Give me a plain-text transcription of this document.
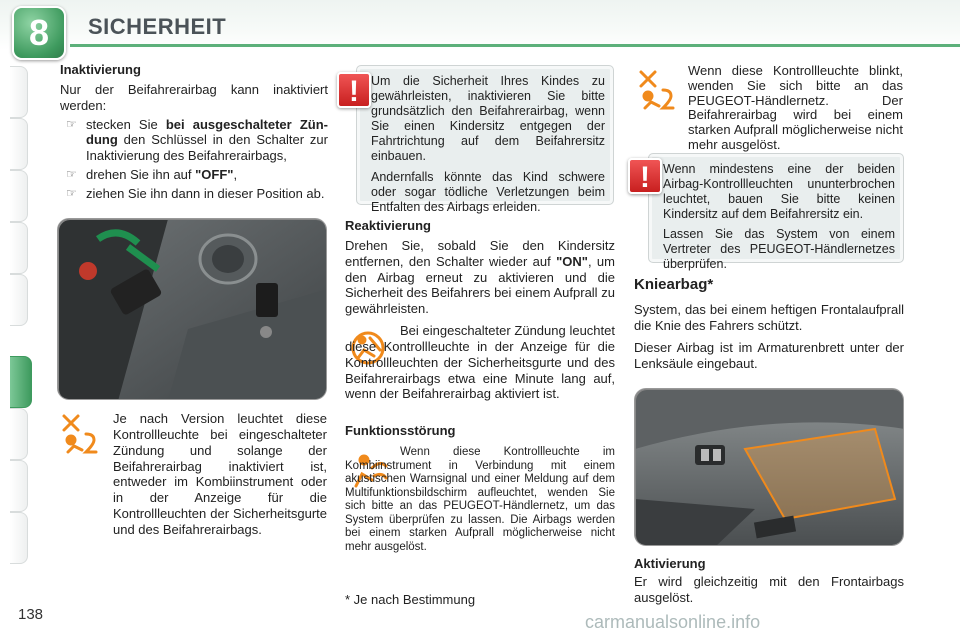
8	SICHERHEIT
138
Inaktivierung
Nur der Beifahrerairbag kann inaktiviert werden:
☞ stecken Sie bei ausgeschalteter Zündung den Schlüssel in den Schalter zur Inaktivierung des Beifahrerairbags,
☞ drehen Sie ihn auf "OFF",
☞ ziehen Sie ihn dann in dieser Position ab.
Je nach Version leuchtet diese Kontrollleuchte bei eingeschalteter Zündung und solange der Beifahrerairbag inaktiviert ist, entweder im Kombiinstrument oder in der Anzeige für die Kontrollleuchten der Sicherheitsgurte und des Beifahrerairbags.
Um die Sicherheit Ihres Kindes zu gewährleisten, inaktivieren Sie bitte grundsätzlich den Beifahrerairbag, wenn Sie einen Kindersitz entgegen der Fahrtrichtung auf dem Beifahrersitz einbauen.
Andernfalls könnte das Kind schwere oder sogar tödliche Verletzungen beim Entfalten des Airbags erleiden.
!
Reaktivierung
Drehen Sie, sobald Sie den Kindersitz entfernen, den Schalter wieder auf "ON", um den Airbag erneut zu aktivieren und die Sicherheit des Beifahrers bei einem Aufprall zu gewährleisten.
Bei eingeschalteter Zündung leuchtet diese Kontrollleuchte in der Anzeige für die Kontrollleuchten der Sicherheitsgurte und des Beifahrerairbags etwa eine Minute lang auf, wenn der Beifahrerairbag aktiviert ist.
Funktionsstörung
Wenn diese Kontrollleuchte im Kombiinstrument in Verbindung mit einem akustischen Warnsignal und einer Meldung auf dem Multifunktionsbildschirm aufleuchtet, wenden Sie sich bitte an das PEUGEOT-Händlernetz, um das System überprüfen zu lassen. Die Airbags werden bei einem starken Aufprall möglicherweise nicht mehr ausgelöst.
* Je nach Bestimmung
Wenn diese Kontrollleuchte blinkt, wenden Sie sich bitte an das PEUGEOT-Händlernetz. Der Beifahrerairbag wird bei einem starken Aufprall möglicherweise nicht mehr ausgelöst.
Wenn mindestens eine der beiden Airbag-Kontrollleuchten ununterbrochen leuchtet, bauen Sie bitte keinen Kindersitz auf dem Beifahrersitz ein.
Lassen Sie das System von einem Vertreter des PEUGEOT-Händlernetzes überprüfen.
!
Kniearbag*
System, das bei einem heftigen Frontalaufprall die Knie des Fahrers schützt.
Dieser Airbag ist im Armaturenbrett unter der Lenksäule eingebaut.
Aktivierung
Er wird gleichzeitig mit den Frontairbags ausgelöst.
carmanualsonline.info
